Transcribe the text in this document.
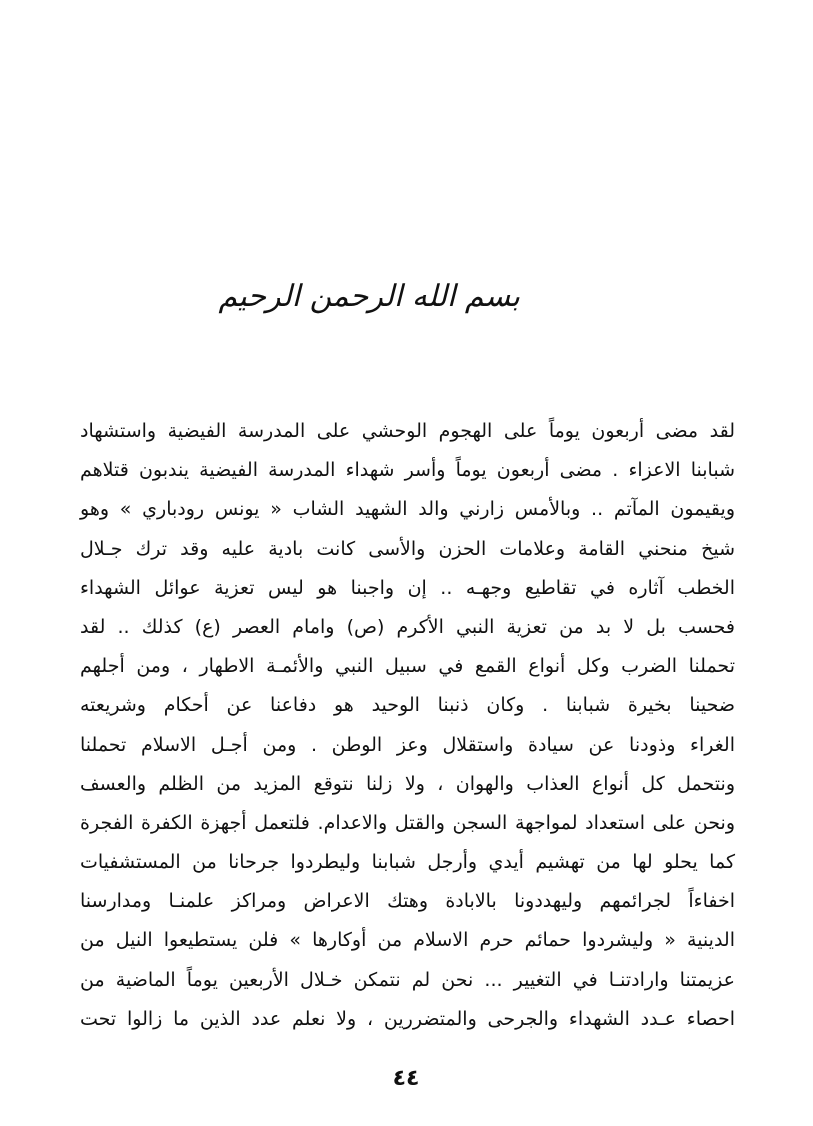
بسم الله الرحمن الرحيم
لقد مضى أربعون يوماً على الهجوم الوحشي على المدرسة الفيضية واستشهاد
شبابنا الاعزاء . مضى أربعون يوماً وأسر شهداء المدرسة الفيضية يندبون قتلاهم
ويقيمون المآتم .. وبالأمس زارني والد الشهيد الشاب « يونس رودباري » وهو
شيخ منحني القامة وعلامات الحزن والأسى كانت بادية عليه وقد ترك جـلال
الخطب آثاره في تقاطيع وجهـه .. إن واجبنا هو ليس تعزية عوائل الشهداء
فحسب بل لا بد من تعزية النبي الأكرم (ص) وامام العصر (ع) كذلك .. لقد
تحملنا الضرب وكل أنواع القمع في سبيل النبي والأئمـة الاطهار ، ومن أجلهم
ضحينا بخيرة شبابنا . وكان ذنبنا الوحيد هو دفاعنا عن أحكام وشريعته
الغراء وذودنا عن سيادة واستقلال وعز الوطن . ومن أجـل الاسلام تحملنا
ونتحمل كل أنواع العذاب والهوان ، ولا زلنا نتوقع المزيد من الظلم والعسف
ونحن على استعداد لمواجهة السجن والقتل والاعدام. فلتعمل أجهزة الكفرة الفجرة
كما يحلو لها من تهشيم أيدي وأرجل شبابنا وليطردوا جرحانا من المستشفيات
اخفاءاً لجرائمهم وليهددونا بالابادة وهتك الاعراض ومراكز علمنـا ومدارسنا
الدينية « وليشردوا حمائم حرم الاسلام من أوكارها » فلن يستطيعوا النيل من
عزيمتنا وارادتنـا في التغيير ... نحن لم نتمكن خـلال الأربعين يوماً الماضية من
احصاء عـدد الشهداء والجرحى والمتضررين ، ولا نعلم عدد الذين ما زالوا تحت
٤٤
